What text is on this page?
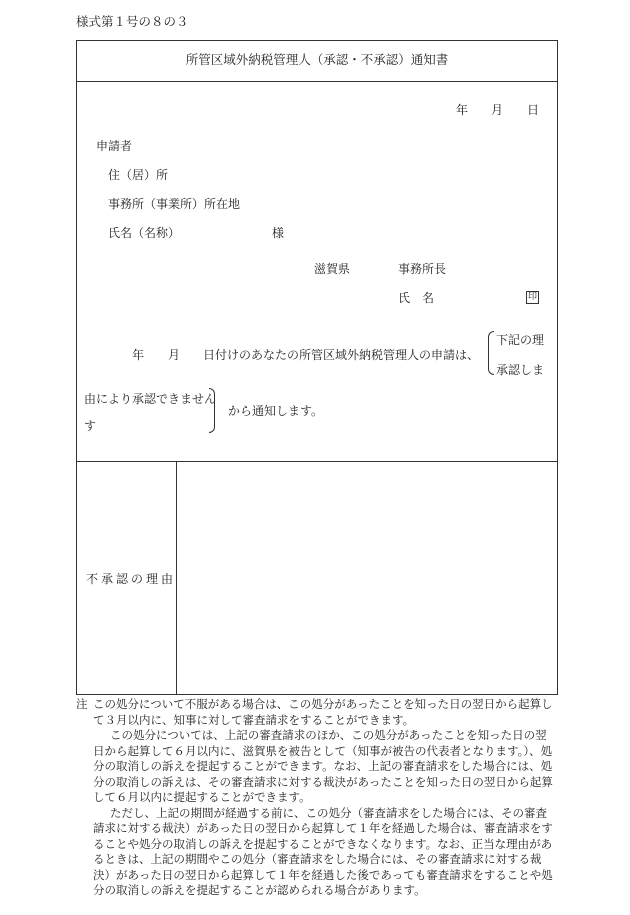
様式第１号の８の３
所管区域外納税管理人（承認・不承認）通知書
年 月 日
申請者
住（居）所
事務所（事業所）所在地
氏名（名称）	様
滋賀県	事務所長
氏　名	印
年 月 日付けのあなたの所管区域外納税管理人の申請は、
下記の理
承認しま
由により承認できません
す
から通知します。
不承認の理由

注 この処分について不服がある場合は、この処分があったことを知った日の翌日から起算して３月以内に、知事に対して審査請求をすることができます。

この処分については、上記の審査請求のほか、この処分があったことを知った日の翌日から起算して６月以内に、滋賀県を被告として（知事が被告の代表者となります。）、処分の取消しの訴えを提起することができます。なお、上記の審査請求をした場合には、処分の取消しの訴えは、その審査請求に対する裁決があったことを知った日の翌日から起算して６月以内に提起することができます。

ただし、上記の期間が経過する前に、この処分（審査請求をした場合には、その審査請求に対する裁決）があった日の翌日から起算して１年を経過した場合は、審査請求をすることや処分の取消しの訴えを提起することができなくなります。なお、正当な理由があるときは、上記の期間やこの処分（審査請求をした場合には、その審査請求に対する裁決）があった日の翌日から起算して１年を経過した後であっても審査請求をすることや処分の取消しの訴えを提起することが認められる場合があります。
